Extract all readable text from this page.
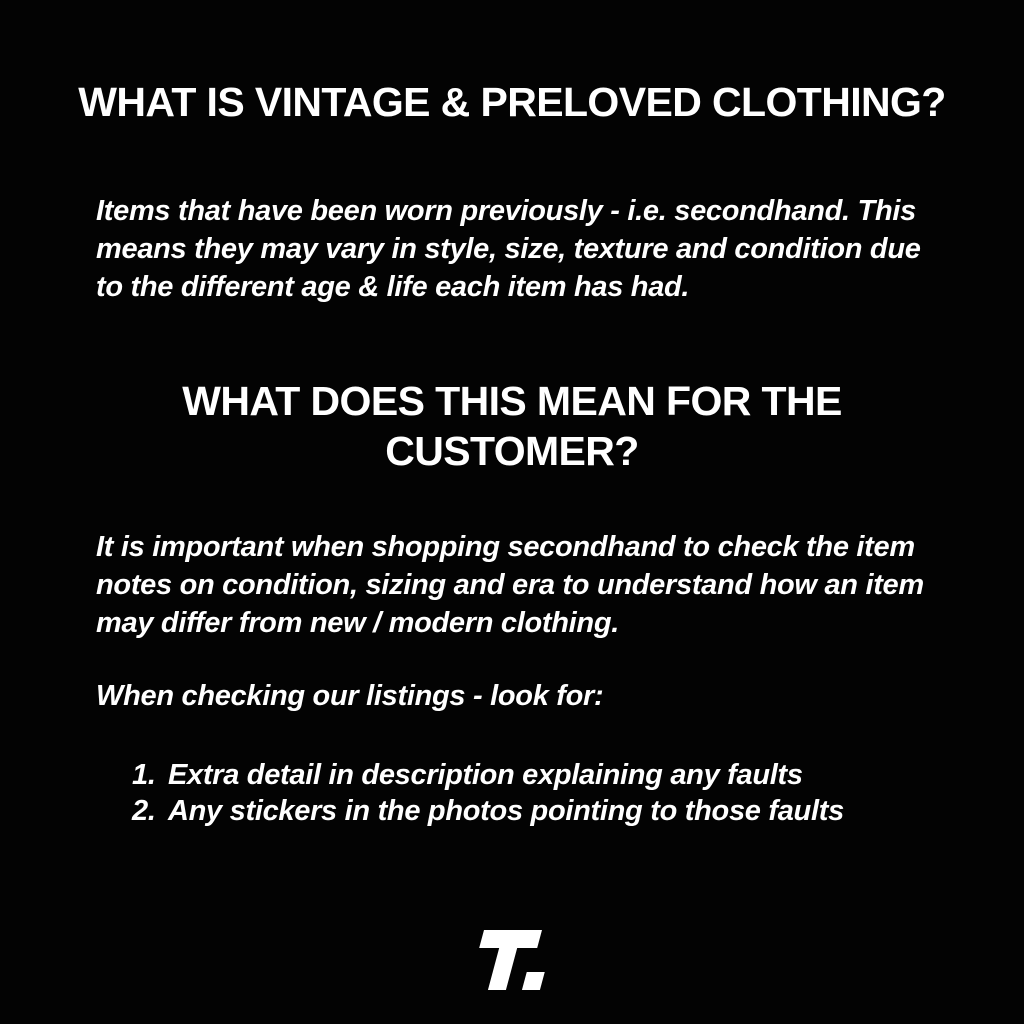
WHAT IS VINTAGE & PRELOVED CLOTHING?
Items that have been worn previously - i.e. secondhand. This
means they may vary in style, size, texture and condition due
to the different age & life each item has had.
WHAT DOES THIS MEAN FOR THE CUSTOMER?
It is important when shopping secondhand to check the item
notes on condition, sizing and era to understand how an item
may differ from new / modern clothing.
When checking our listings - look for:
1. Extra detail in description explaining any faults
2. Any stickers in the photos pointing to those faults
